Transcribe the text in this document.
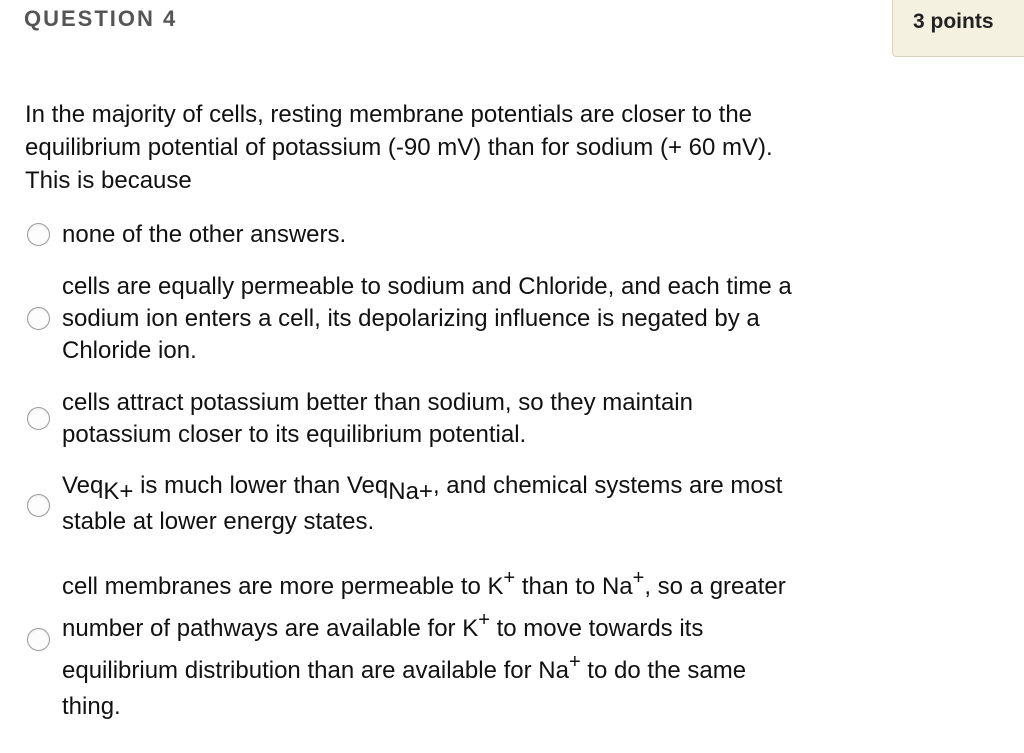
QUESTION 4	3 points
In the majority of cells, resting membrane potentials are closer to the
equilibrium potential of potassium (-90 mV) than for sodium (+ 60 mV).
This is because
none of the other answers.
cells are equally permeable to sodium and Chloride, and each time a
sodium ion enters a cell, its depolarizing influence is negated by a
Chloride ion.
cells attract potassium better than sodium, so they maintain
potassium closer to its equilibrium potential.
VeqK+ is much lower than VeqNa+, and chemical systems are most
stable at lower energy states.
cell membranes are more permeable to K+ than to Na+, so a greater
number of pathways are available for K+ to move towards its
equilibrium distribution than are available for Na+ to do the same
thing.
